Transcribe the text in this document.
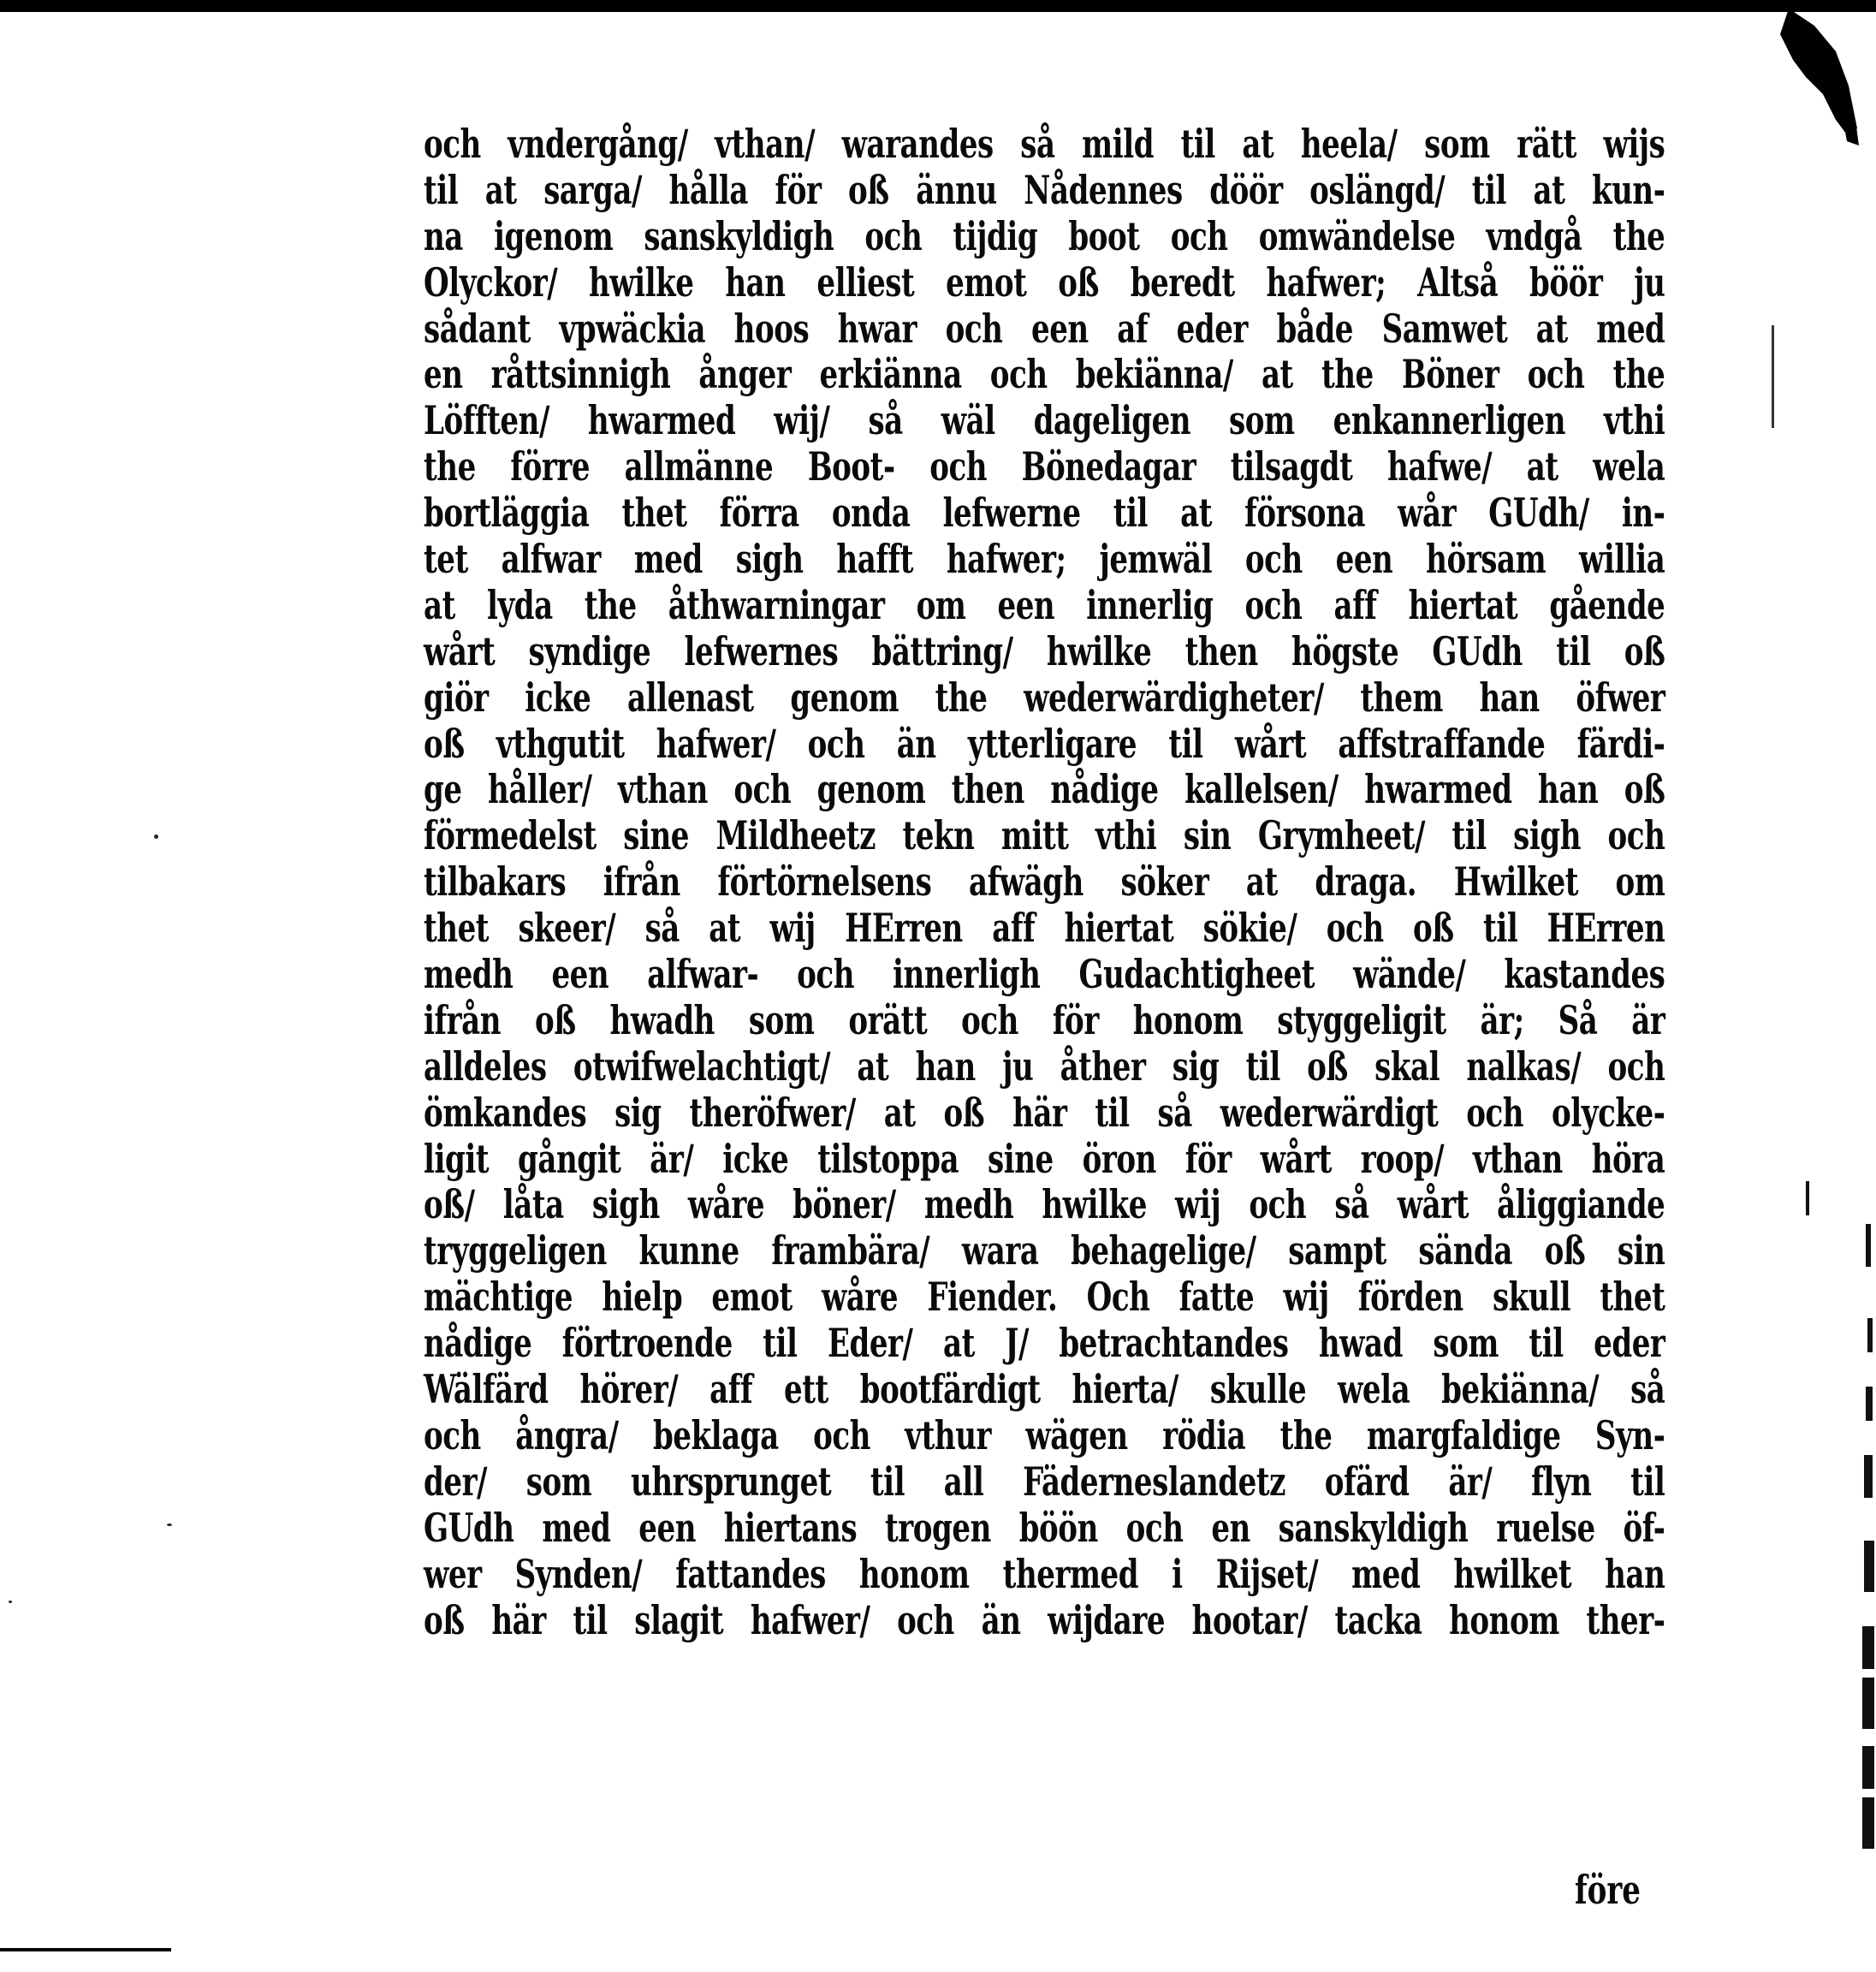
och vndergång/ vthan/ warandes så mild til at heela/ som rätt wijs
til at sarga/ hålla för oß ännu Nådennes döör oslängd/ til at kun-
na igenom sanskyldigh och tijdig boot och omwändelse vndgå the
Olyckor/ hwilke han elliest emot oß beredt hafwer; Altså böör ju
sådant vpwäckia hoos hwar och een af eder både Samwet at med
en råttsinnigh ånger erkiänna och bekiänna/ at the Böner och the
Löfften/ hwarmed wij/ så wäl dageligen som enkannerligen vthi
the förre allmänne Boot- och Bönedagar tilsagdt hafwe/ at wela
bortläggia thet förra onda lefwerne til at försona wår GUdh/ in-
tet alfwar med sigh hafft hafwer; jemwäl och een hörsam willia
at lyda the åthwarningar om een innerlig och aff hiertat gående
wårt syndige lefwernes bättring/ hwilke then högste GUdh til oß
giör icke allenast genom the wederwärdigheter/ them han öfwer
oß vthgutit hafwer/ och än ytterligare til wårt affstraffande färdi-
ge håller/ vthan och genom then nådige kallelsen/ hwarmed han oß
förmedelst sine Mildheetz tekn mitt vthi sin Grymheet/ til sigh och
tilbakars ifrån förtörnelsens afwägh söker at draga. Hwilket om
thet skeer/ så at wij HErren aff hiertat sökie/ och oß til HErren
medh een alfwar- och innerligh Gudachtigheet wände/ kastandes
ifrån oß hwadh som orätt och för honom styggeligit är; Så är
alldeles otwifwelachtigt/ at han ju åther sig til oß skal nalkas/ och
ömkandes sig theröfwer/ at oß här til så wederwärdigt och olycke-
ligit gångit är/ icke tilstoppa sine öron för wårt roop/ vthan höra
oß/ låta sigh wåre böner/ medh hwilke wij och så wårt åliggiande
tryggeligen kunne frambära/ wara behagelige/ sampt sända oß sin
mächtige hielp emot wåre Fiender. Och fatte wij förden skull thet
nådige förtroende til Eder/ at J/ betrachtandes hwad som til eder
Wälfärd hörer/ aff ett bootfärdigt hierta/ skulle wela bekiänna/ så
och ångra/ beklaga och vthur wägen rödia the margfaldige Syn-
der/ som uhrsprunget til all Fäderneslandetz ofärd är/ flyn til
GUdh med een hiertans trogen böön och en sanskyldigh ruelse öf-
wer Synden/ fattandes honom thermed i Rijset/ med hwilket han
oß här til slagit hafwer/ och än wijdare hootar/ tacka honom ther-
före
